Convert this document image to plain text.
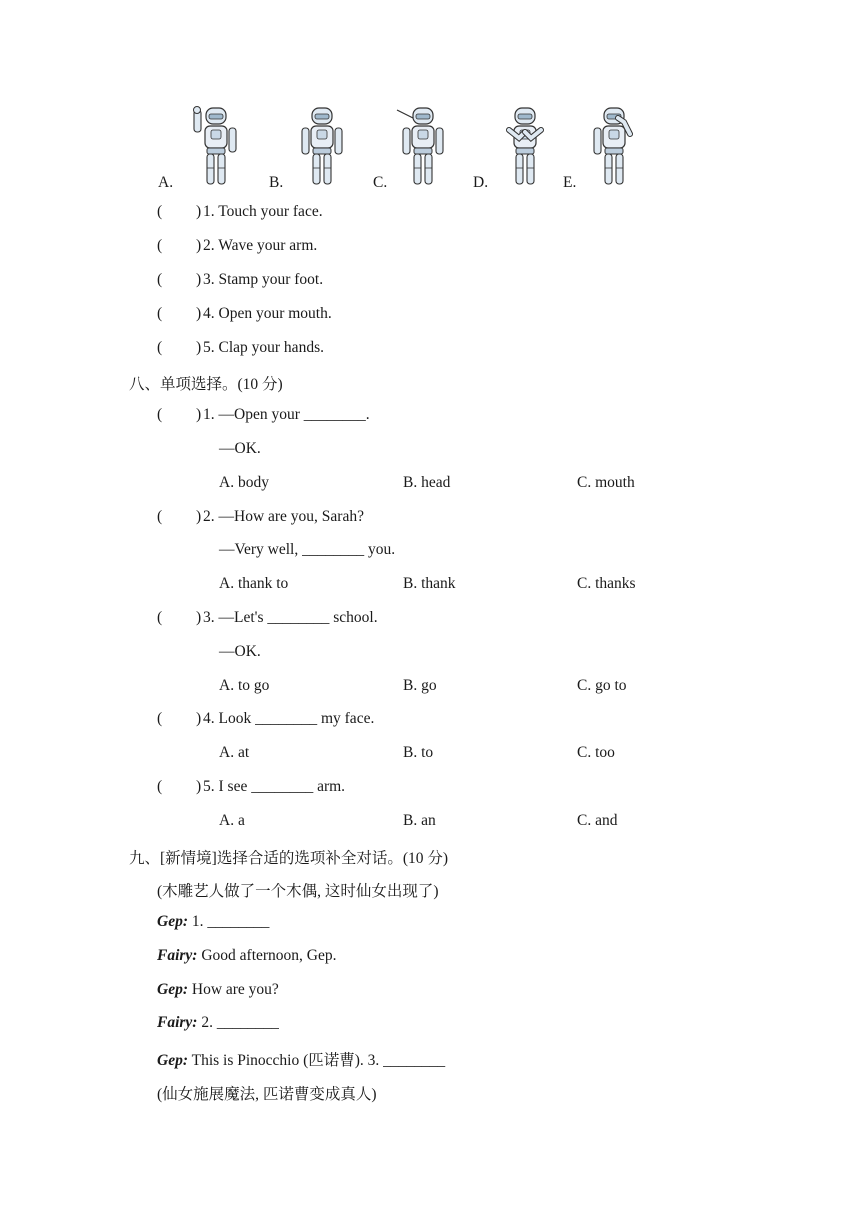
A.	B.	C.	D.	E.
( ) 1. Touch your face.
( ) 2. Wave your arm.
( ) 3. Stamp your foot.
( ) 4. Open your mouth.
( ) 5. Clap your hands.
八、单项选择。(10 分)
( ) 1. —Open your ________.
—OK.
A. body	B. head	C. mouth
( ) 2. —How are you, Sarah?
—Very well, ________ you.
A. thank to	B. thank	C. thanks
( ) 3. —Let's ________ school.
—OK.
A. to go	B. go	C. go to
( ) 4. Look ________ my face.
A. at	B. to	C. too
( ) 5. I see ________ arm.
A. a	B. an	C. and
九、[新情境]选择合适的选项补全对话。(10 分)
(木雕艺人做了一个木偶, 这时仙女出现了)
Gep: 1. ________
Fairy: Good afternoon, Gep.
Gep: How are you?
Fairy: 2. ________
Gep: This is Pinocchio (匹诺曹). 3. ________
(仙女施展魔法, 匹诺曹变成真人)
